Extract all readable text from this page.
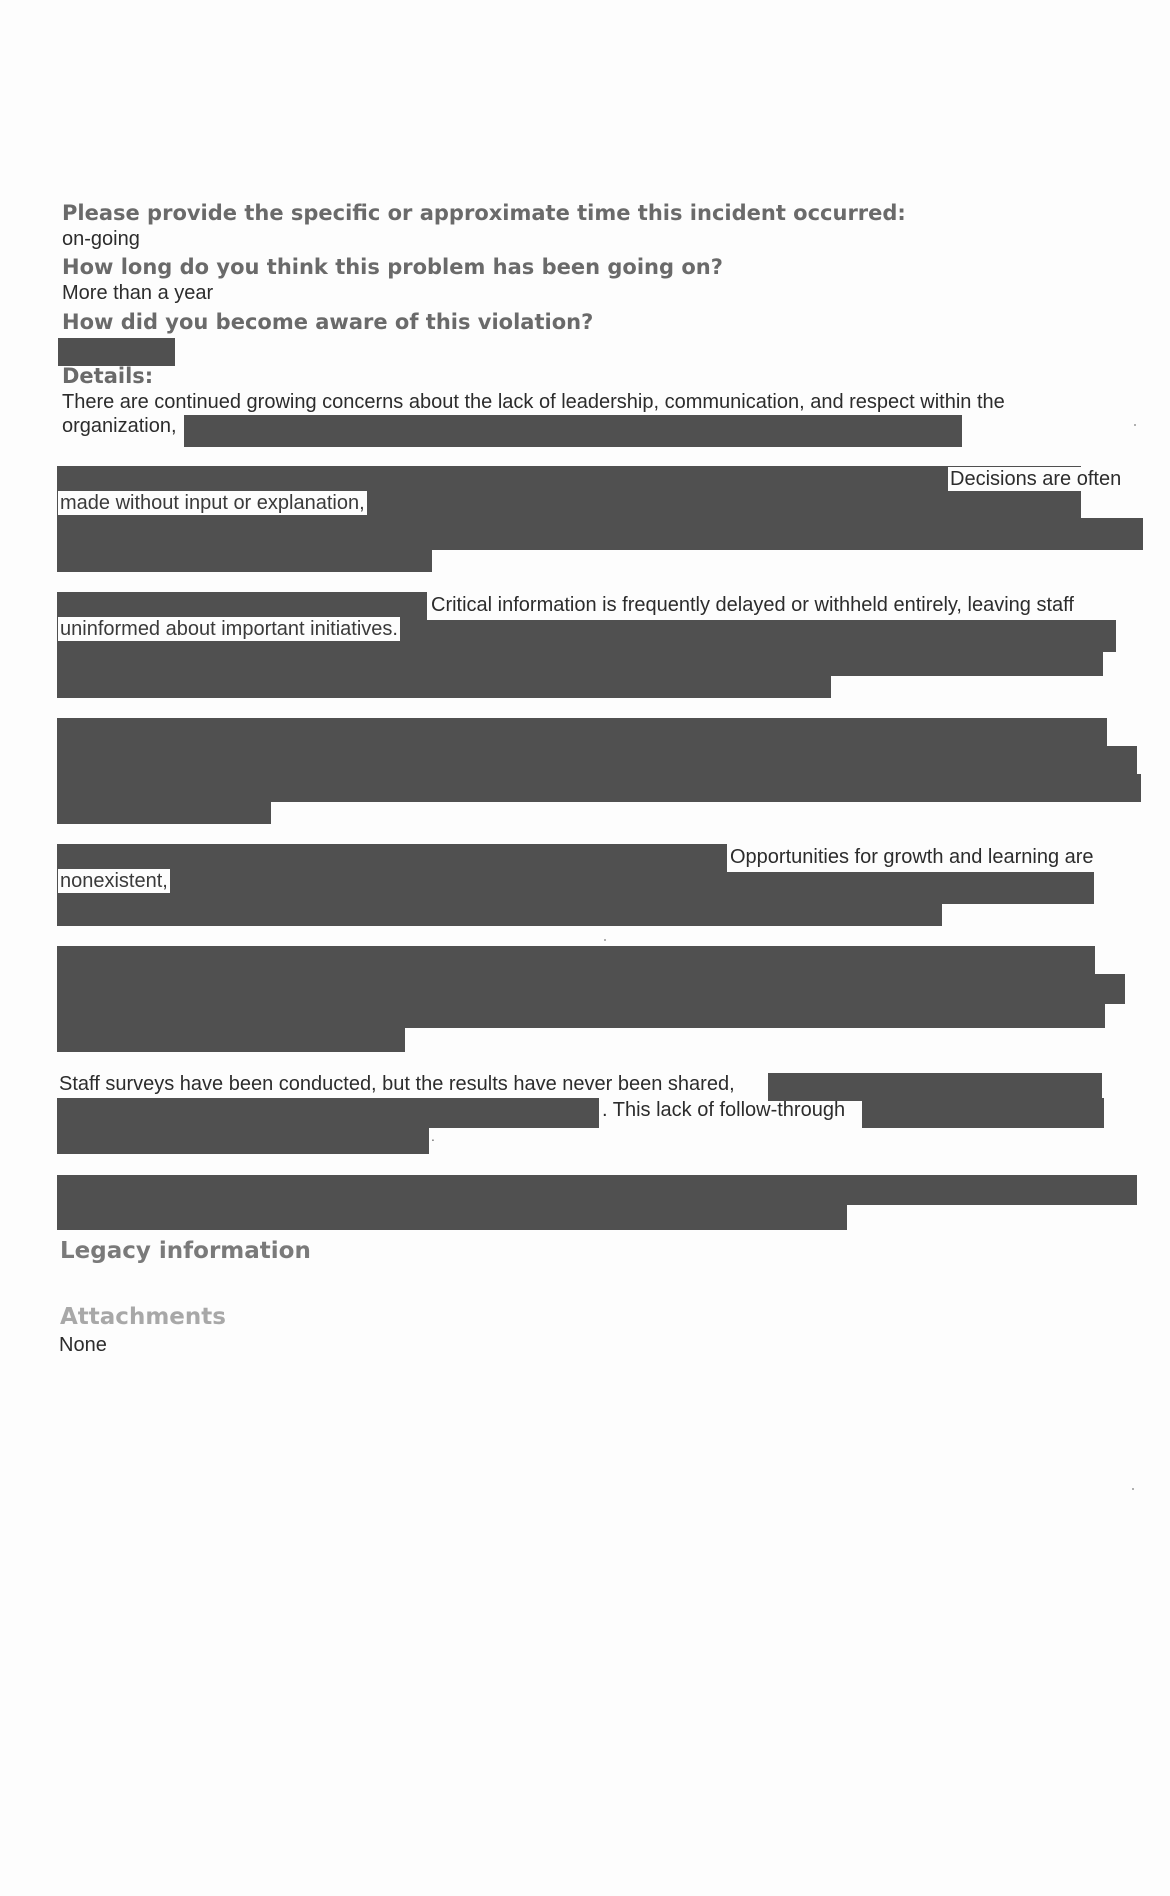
Please provide the specific or approximate time this incident occurred:
on-going
How long do you think this problem has been going on?
More than a year
How did you become aware of this violation?
Details:
There are continued growing concerns about the lack of leadership, communication, and respect within the
organization,
Decisions are often
made without input or explanation,
Critical information is frequently delayed or withheld entirely, leaving staff
uninformed about important initiatives.
Opportunities for growth and learning are
nonexistent,
Staff surveys have been conducted, but the results have never been shared,
. This lack of follow-through
.
Legacy information
Attachments
None
